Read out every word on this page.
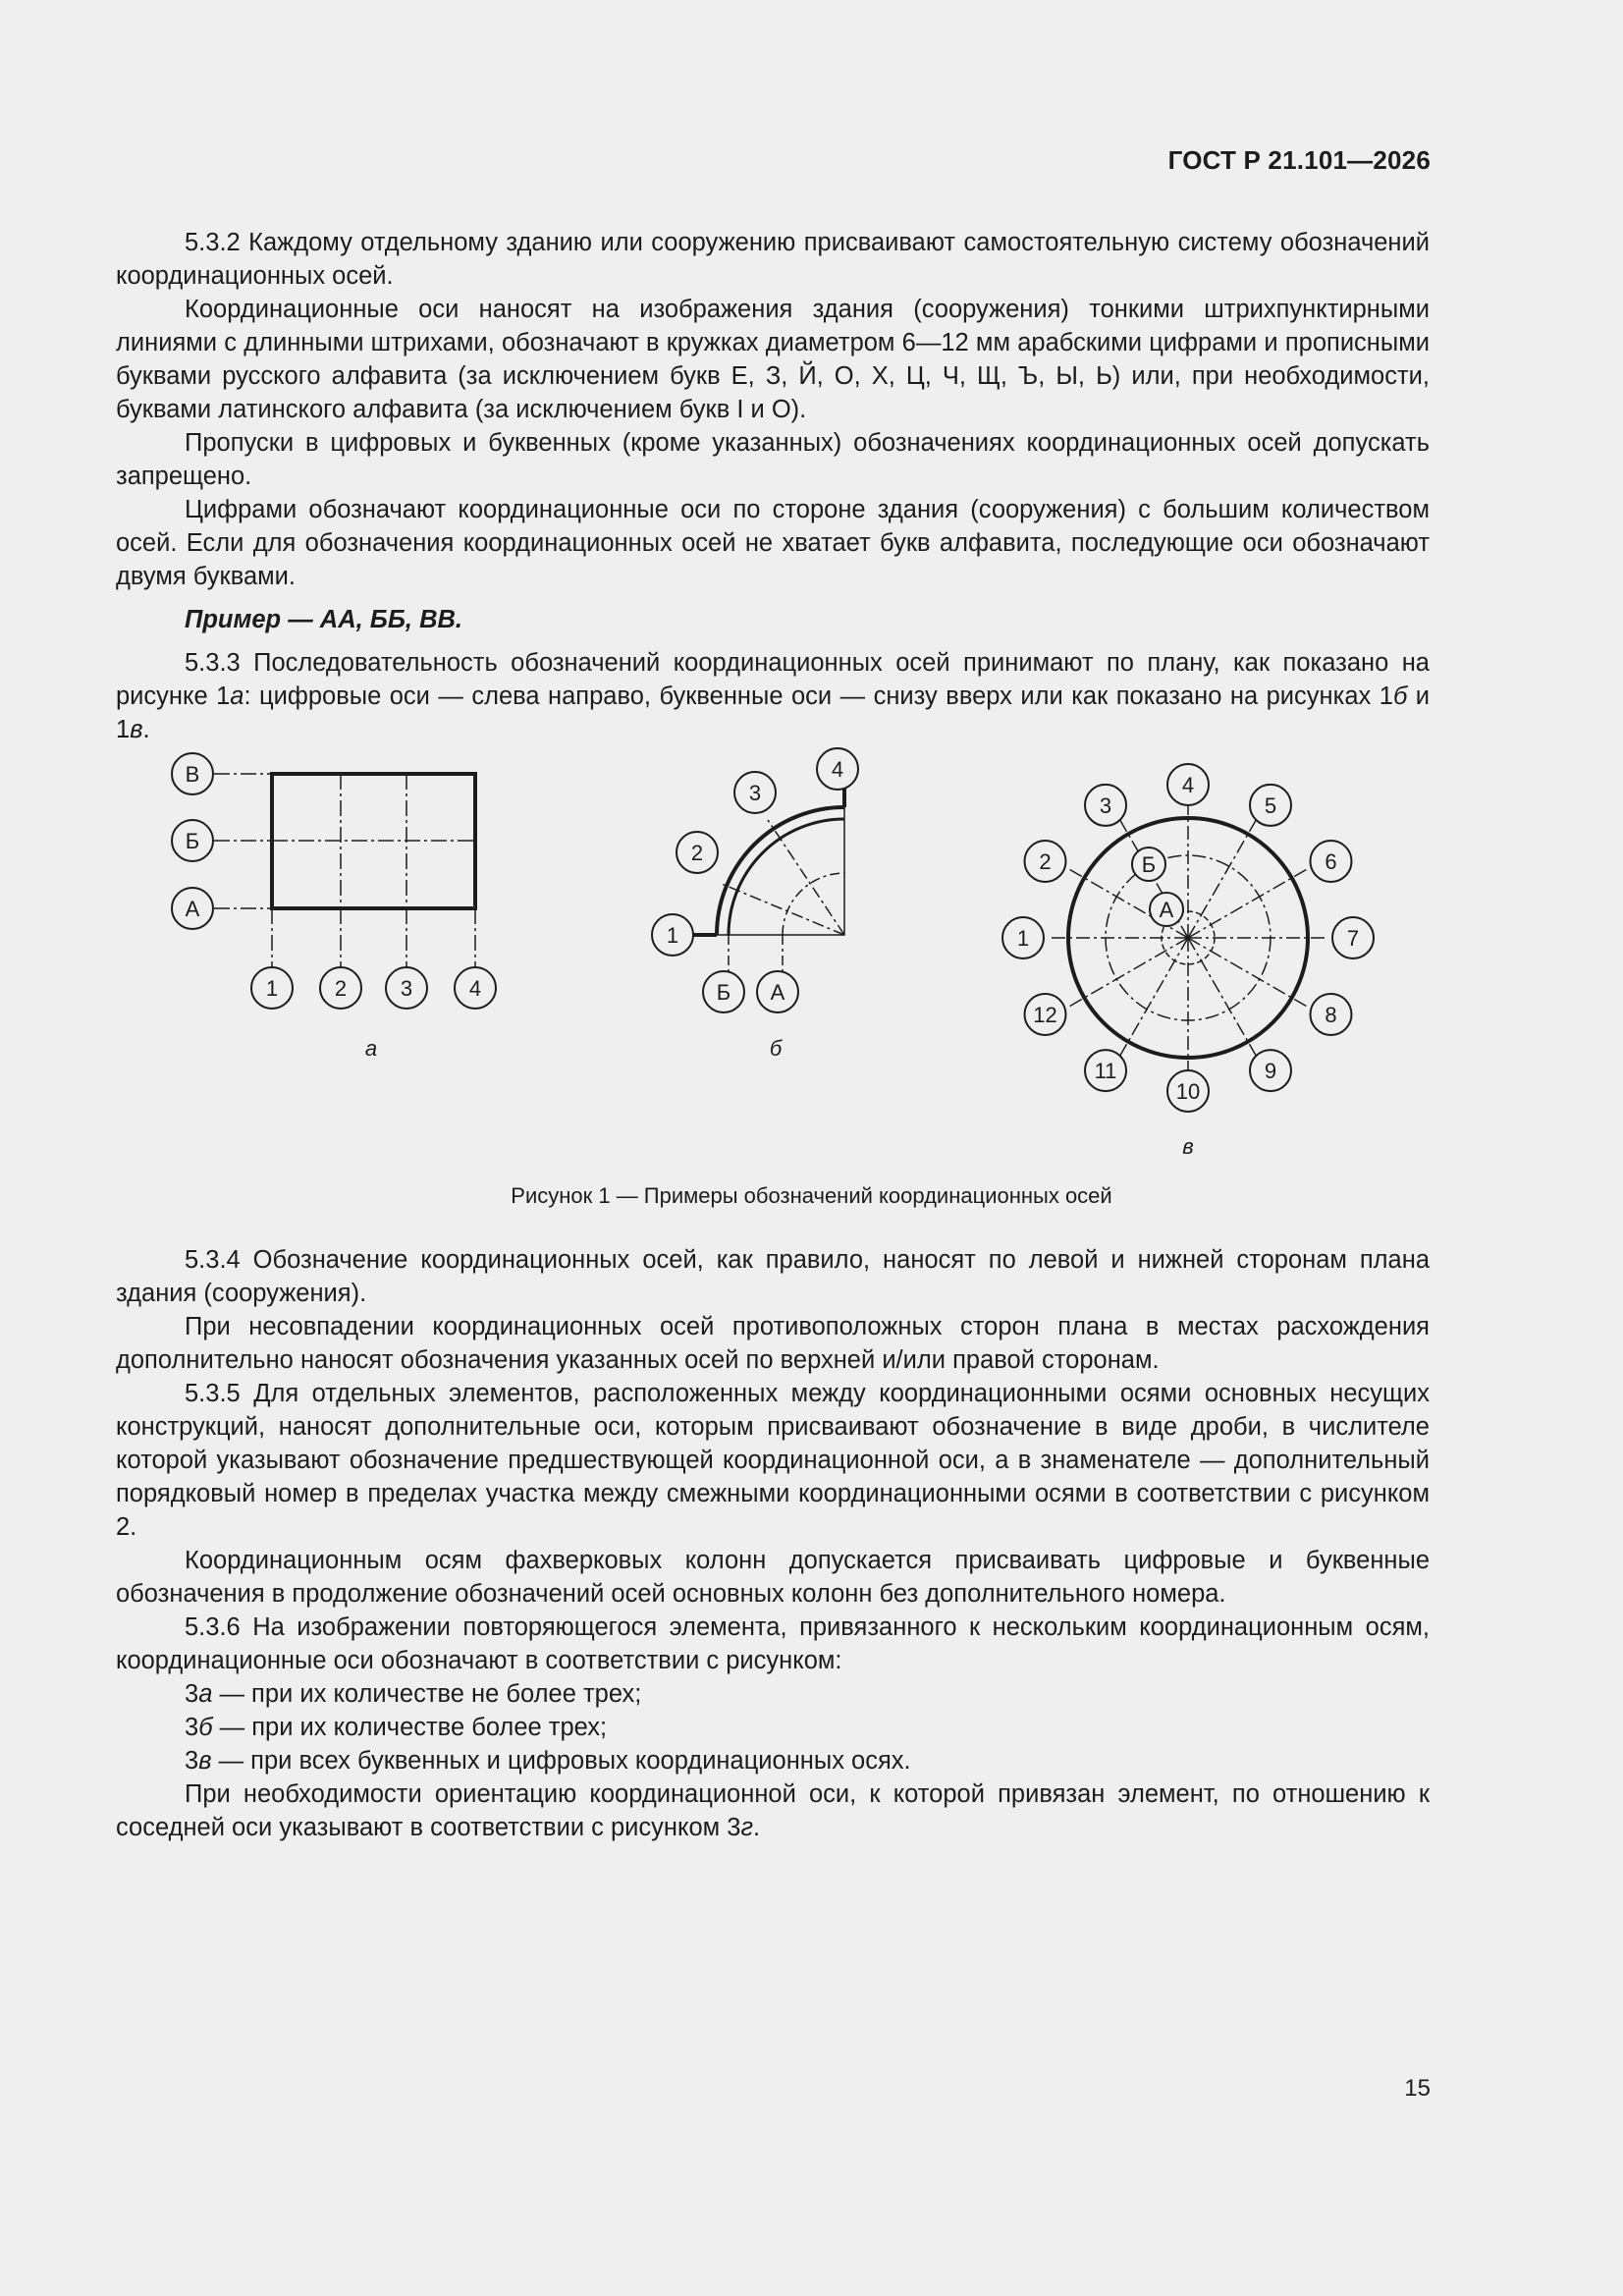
ГОСТ Р 21.101—2026

5.3.2 Каждому отдельному зданию или сооружению присваивают самостоятельную систему обозначений координационных осей.

Координационные оси наносят на изображения здания (сооружения) тонкими штрихпунктирными линиями с длинными штрихами, обозначают в кружках диаметром 6—12 мм арабскими цифрами и прописными буквами русского алфавита (за исключением букв Е, З, Й, О, Х, Ц, Ч, Щ, Ъ, Ы, Ь) или, при необходимости, буквами латинского алфавита (за исключением букв I и O).

Пропуски в цифровых и буквенных (кроме указанных) обозначениях координационных осей допускать запрещено.

Цифрами обозначают координационные оси по стороне здания (сооружения) с большим количеством осей. Если для обозначения координационных осей не хватает букв алфавита, последующие оси обозначают двумя буквами.

Пример — АА, ББ, ВВ.

5.3.3 Последовательность обозначений координационных осей принимают по плану, как показано на рисунке 1а: цифровые оси — слева направо, буквенные оси — снизу вверх или как показано на рисунках 1б и 1в.

В
Б
А
1	2 3	4
1
2
3
4
Б А
1
2
3
4
5
6
7
8
9
10
11
12
Б
А
а	б
в
Рисунок 1 — Примеры обозначений координационных осей

5.3.4 Обозначение координационных осей, как правило, наносят по левой и нижней сторонам плана здания (сооружения).

При несовпадении координационных осей противоположных сторон плана в местах расхождения дополнительно наносят обозначения указанных осей по верхней и/или правой сторонам.

5.3.5 Для отдельных элементов, расположенных между координационными осями основных несущих конструкций, наносят дополнительные оси, которым присваивают обозначение в виде дроби, в числителе которой указывают обозначение предшествующей координационной оси, а в знаменателе — дополнительный порядковый номер в пределах участка между смежными координационными осями в соответствии с рисунком 2.

Координационным осям фахверковых колонн допускается присваивать цифровые и буквенные обозначения в продолжение обозначений осей основных колонн без дополнительного номера.

5.3.6 На изображении повторяющегося элемента, привязанного к нескольким координационным осям, координационные оси обозначают в соответствии с рисунком:

3а — при их количестве не более трех;

3б — при их количестве более трех;

3в — при всех буквенных и цифровых координационных осях.

При необходимости ориентацию координационной оси, к которой привязан элемент, по отношению к соседней оси указывают в соответствии с рисунком 3г.

15
